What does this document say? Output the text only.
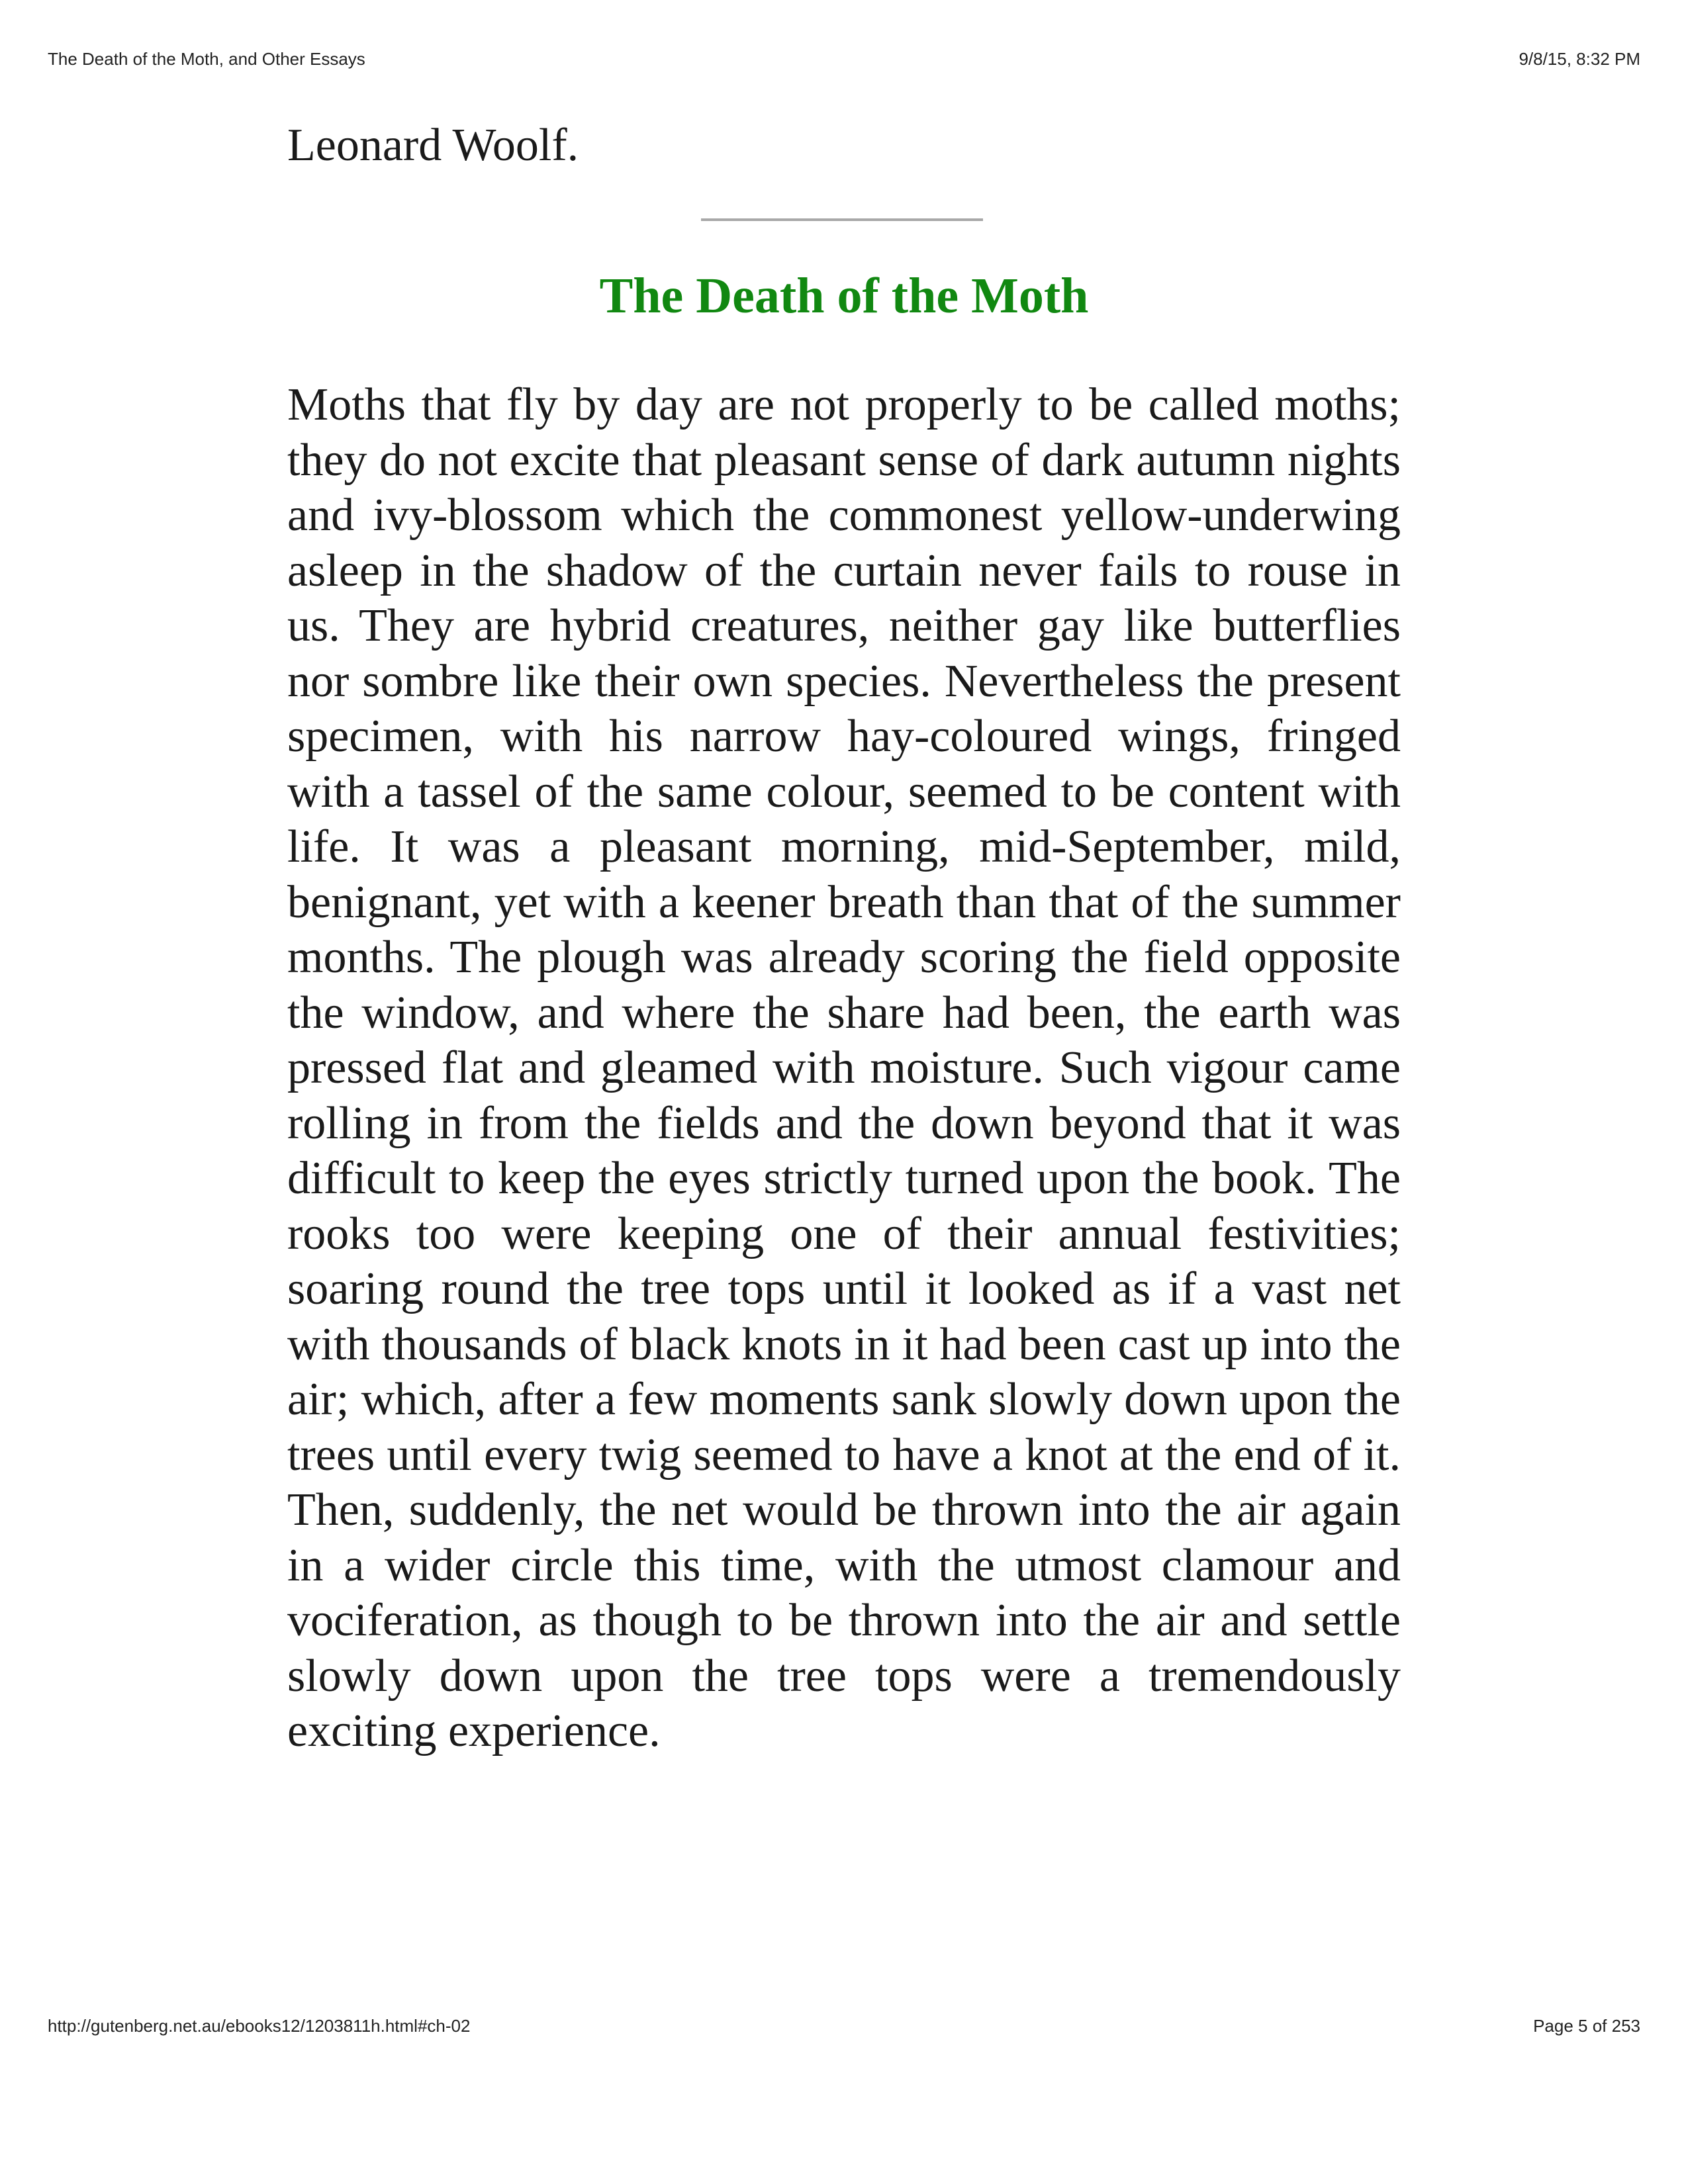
The Death of the Moth, and Other Essays	9/8/15, 8:32 PM

Leonard Woolf.

The Death of the Moth

Moths that fly by day are not properly to be called moths; they do not excite that pleasant sense of dark autumn nights and ivy-blossom which the commonest yellow-underwing asleep in the shadow of the curtain never fails to rouse in us. They are hybrid creatures, neither gay like butterflies nor sombre like their own species. Nevertheless the present specimen, with his narrow hay-coloured wings, fringed with a tassel of the same colour, seemed to be content with life. It was a pleasant morning, mid-September, mild, benignant, yet with a keener breath than that of the summer months. The plough was already scoring the field opposite the window, and where the share had been, the earth was pressed flat and gleamed with moisture. Such vigour came rolling in from the fields and the down beyond that it was difficult to keep the eyes strictly turned upon the book. The rooks too were keeping one of their annual festivities; soaring round the tree tops until it looked as if a vast net with thousands of black knots in it had been cast up into the air; which, after a few moments sank slowly down upon the trees until every twig seemed to have a knot at the end of it. Then, suddenly, the net would be thrown into the air again in a wider circle this time, with the utmost clamour and vociferation, as though to be thrown into the air and settle slowly down upon the tree tops were a tremendously exciting experience.

http://gutenberg.net.au/ebooks12/1203811h.html#ch-02	Page 5 of 253
